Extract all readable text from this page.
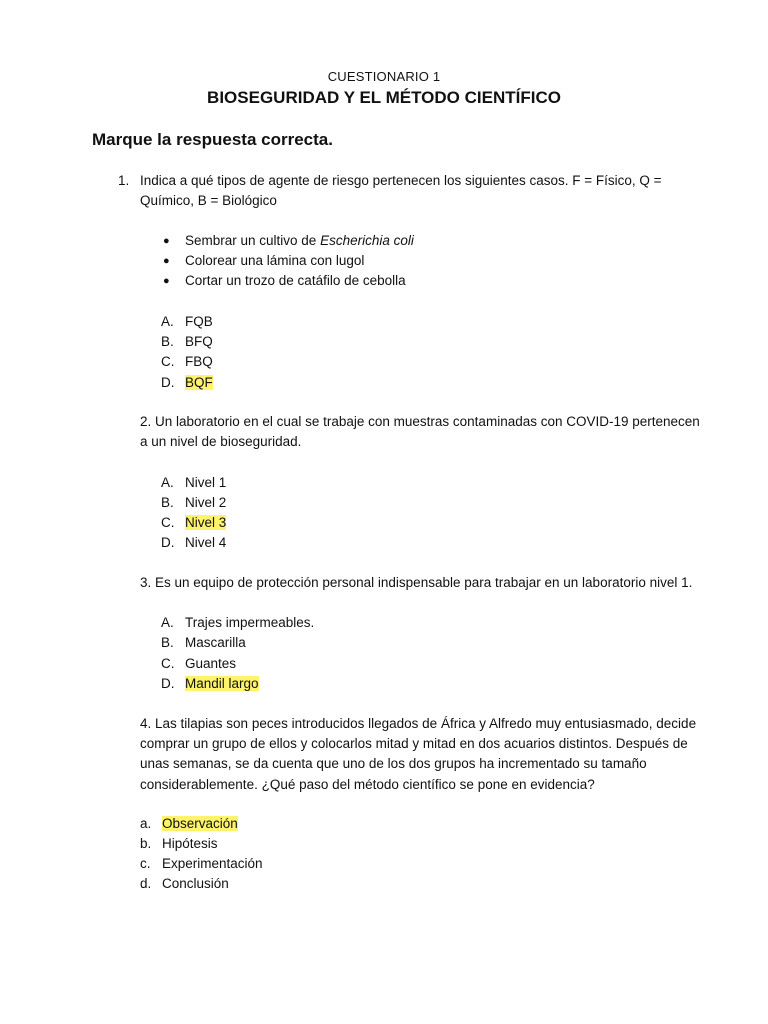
CUESTIONARIO 1
BIOSEGURIDAD Y EL MÉTODO CIENTÍFICO
Marque la respuesta correcta.
1. Indica a qué tipos de agente de riesgo pertenecen los siguientes casos. F = Físico, Q =
Químico, B = Biológico
● Sembrar un cultivo de Escherichia coli
● Colorear una lámina con lugol
● Cortar un trozo de catáfilo de cebolla
A. FQB
B. BFQ
C. FBQ
D. BQF
2. Un laboratorio en el cual se trabaje con muestras contaminadas con COVID-19 pertenecen
a un nivel de bioseguridad.
A. Nivel 1
B. Nivel 2
C. Nivel 3
D. Nivel 4
3. Es un equipo de protección personal indispensable para trabajar en un laboratorio nivel 1.
A. Trajes impermeables.
B. Mascarilla
C. Guantes
D. Mandil largo
4. Las tilapias son peces introducidos llegados de África y Alfredo muy entusiasmado, decide
comprar un grupo de ellos y colocarlos mitad y mitad en dos acuarios distintos. Después de
unas semanas, se da cuenta que uno de los dos grupos ha incrementado su tamaño
considerablemente. ¿Qué paso del método científico se pone en evidencia?
a. Observación
b. Hipótesis
c. Experimentación
d. Conclusión
